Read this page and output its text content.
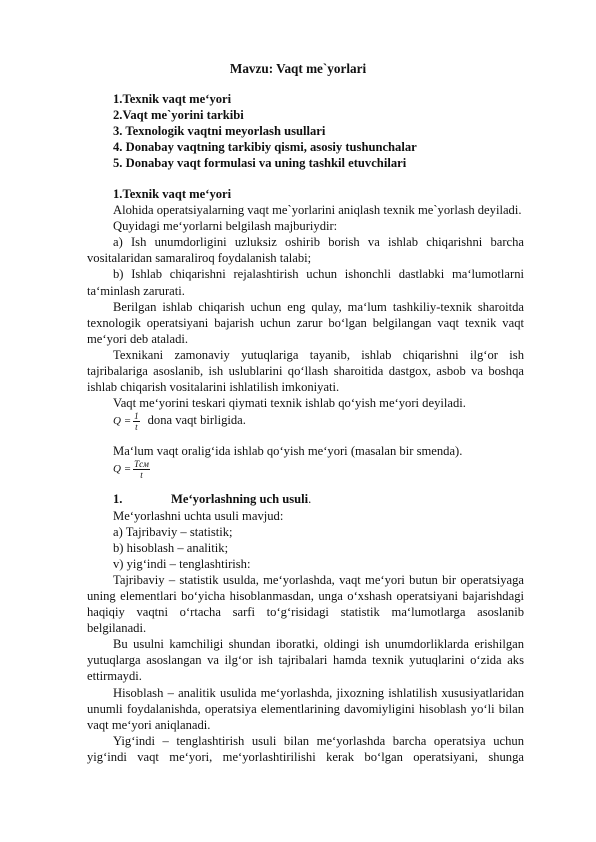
Mavzu: Vaqt me`yorlari
1.Texnik vaqt me‘yori
2.Vaqt me`yorini tarkibi
3. Texnologik vaqtni meyorlash usullari
4. Donabay vaqtning tarkibiy qismi, asosiy tushunchalar
5. Donabay vaqt formulasi va uning tashkil etuvchilari

1.Texnik vaqt me‘yori

Alohida operatsiyalarning vaqt me`yorlarini aniqlash texnik me`yorlash deyiladi.

Quyidagi me‘yorlarni belgilash majburiydir:

a) Ish unumdorligini uzluksiz oshirib borish va ishlab chiqarishni barcha vositalaridan samaraliroq foydalanish talabi;

b) Ishlab chiqarishni rejalashtirish uchun ishonchli dastlabki ma‘lumotlarni ta‘minlash zarurati.

Berilgan ishlab chiqarish uchun eng qulay, ma‘lum tashkiliy-texnik sharoitda texnologik operatsiyani bajarish uchun zarur bo‘lgan belgilangan vaqt texnik vaqt me‘yori deb ataladi.

Texnikani zamonaviy yutuqlariga tayanib, ishlab chiqarishni ilg‘or ish tajribalariga asoslanib, ish uslublarini qo‘llash sharoitida dastgox, asbob va boshqa ishlab chiqarish vositalarini ishlatilish imkoniyati.

Vaqt me‘yorini teskari qiymati texnik ishlab qo‘yish me‘yori deyiladi.

$Q = \frac{1}{t}$ dona vaqt birligida.

Ma‘lum vaqt oralig‘ida ishlab qo‘yish me‘yori (masalan bir smenda).

$Q = \frac{\text{Tсм}}{t}$

1.	Me‘yorlashning uch usuli.

Me‘yorlashni uchta usuli mavjud:

a) Tajribaviy – statistik;

b) hisoblash – analitik;

v) yig‘indi – tenglashtirish:

Tajribaviy – statistik usulda, me‘yorlashda, vaqt me‘yori butun bir operatsiyaga uning elementlari bo‘yicha hisoblanmasdan, unga o‘xshash operatsiyani bajarishdagi haqiqiy vaqtni o‘rtacha sarfi to‘g‘risidagi statistik ma‘lumotlarga asoslanib belgilanadi.

Bu usulni kamchiligi shundan iboratki, oldingi ish unumdorliklarda erishilgan yutuqlarga asoslangan va ilg‘or ish tajribalari hamda texnik yutuqlarini o‘zida aks ettirmaydi.

Hisoblash – analitik usulida me‘yorlashda, jixozning ishlatilish xususiyatlaridan unumli foydalanishda, operatsiya elementlarining davomiyligini hisoblash yo‘li bilan vaqt me‘yori aniqlanadi.

Yig‘indi – tenglashtirish usuli bilan me‘yorlashda barcha operatsiya uchun yig‘indi vaqt me‘yori, me‘yorlashtirilishi kerak bo‘lgan operatsiyani, shunga
